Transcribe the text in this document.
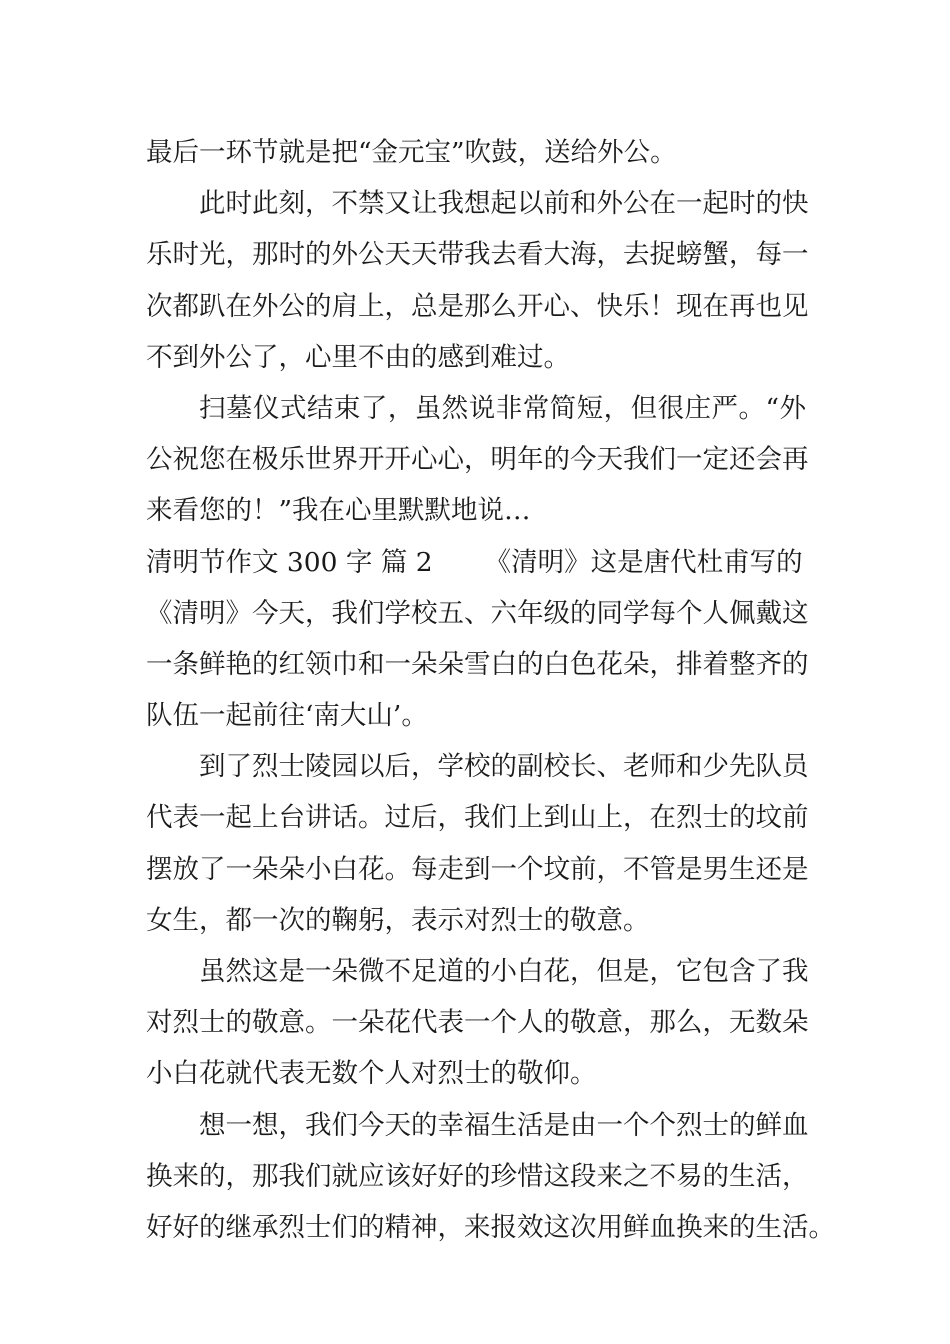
最后一环节就是把“金元宝”吹鼓，送给外公。
此时此刻，不禁又让我想起以前和外公在一起时的快
乐时光，那时的外公天天带我去看大海，去捉螃蟹，每一
次都趴在外公的肩上，总是那么开心、快乐！现在再也见
不到外公了，心里不由的感到难过。
扫墓仪式结束了，虽然说非常简短，但很庄严。“外
公祝您在极乐世界开开心心，明年的今天我们一定还会再
来看您的！”我在心里默默地说…
清明节作文 300 字 篇 2 《清明》这是唐代杜甫写的
《清明》今天，我们学校五、六年级的同学每个人佩戴这
一条鲜艳的红领巾和一朵朵雪白的白色花朵，排着整齐的
队伍一起前往‘南大山’。
到了烈士陵园以后，学校的副校长、老师和少先队员
代表一起上台讲话。过后，我们上到山上，在烈士的坟前
摆放了一朵朵小白花。每走到一个坟前，不管是男生还是
女生，都一次的鞠躬，表示对烈士的敬意。
虽然这是一朵微不足道的小白花，但是，它包含了我
对烈士的敬意。一朵花代表一个人的敬意，那么，无数朵
小白花就代表无数个人对烈士的敬仰。
想一想，我们今天的幸福生活是由一个个烈士的鲜血
换来的，那我们就应该好好的珍惜这段来之不易的生活，
好好的继承烈士们的精神，来报效这次用鲜血换来的生活。
